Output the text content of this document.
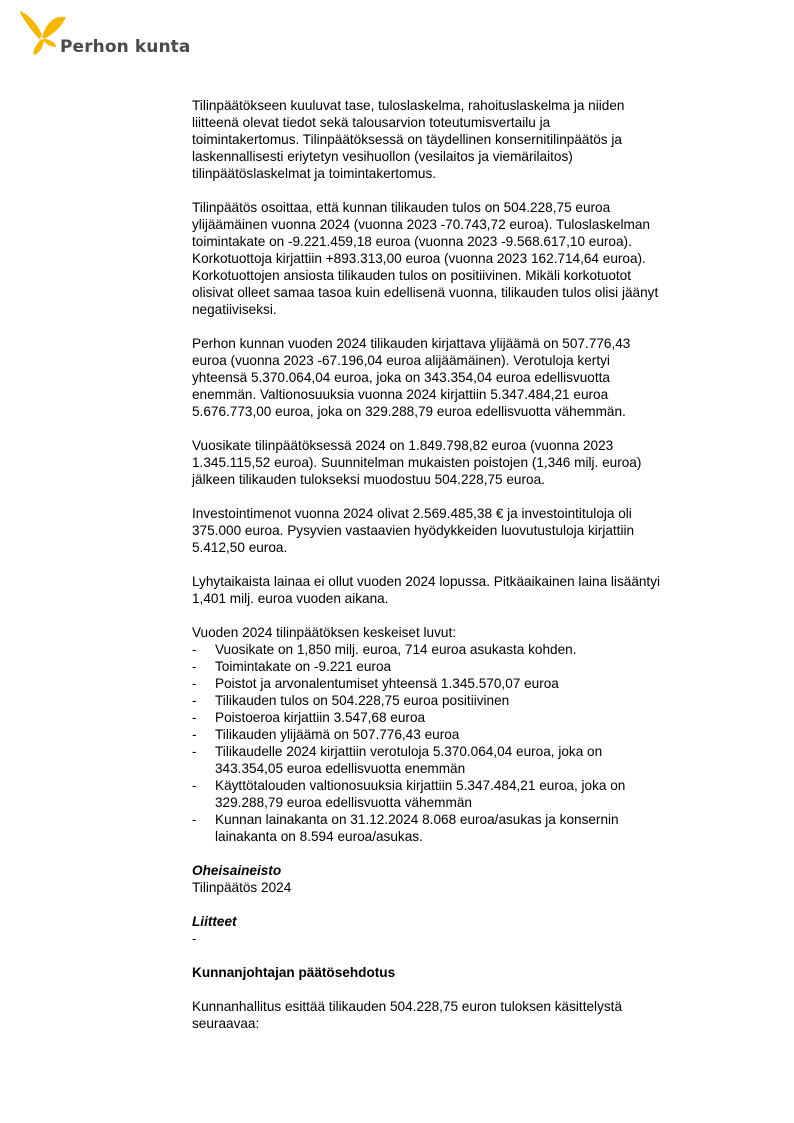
Perhon kunta
Tilinpäätökseen kuuluvat tase, tuloslaskelma, rahoituslaskelma ja niiden
liitteenä olevat tiedot sekä talousarvion toteutumisvertailu ja
toimintakertomus. Tilinpäätöksessä on täydellinen konsernitilinpäätös ja
laskennallisesti eriytetyn vesihuollon (vesilaitos ja viemärilaitos)
tilinpäätöslaskelmat ja toimintakertomus.
Tilinpäätös osoittaa, että kunnan tilikauden tulos on 504.228,75 euroa
ylijäämäinen vuonna 2024 (vuonna 2023 -70.743,72 euroa). Tuloslaskelman
toimintakate on -9.221.459,18 euroa (vuonna 2023 -9.568.617,10 euroa).
Korkotuottoja kirjattiin +893.313,00 euroa (vuonna 2023 162.714,64 euroa).
Korkotuottojen ansiosta tilikauden tulos on positiivinen. Mikäli korkotuotot
olisivat olleet samaa tasoa kuin edellisenä vuonna, tilikauden tulos olisi jäänyt
negatiiviseksi.
Perhon kunnan vuoden 2024 tilikauden kirjattava ylijäämä on 507.776,43
euroa (vuonna 2023 -67.196,04 euroa alijäämäinen). Verotuloja kertyi
yhteensä 5.370.064,04 euroa, joka on 343.354,04 euroa edellisvuotta
enemmän. Valtionosuuksia vuonna 2024 kirjattiin 5.347.484,21 euroa
5.676.773,00 euroa, joka on 329.288,79 euroa edellisvuotta vähemmän.
Vuosikate tilinpäätöksessä 2024 on 1.849.798,82 euroa (vuonna 2023
1.345.115,52 euroa). Suunnitelman mukaisten poistojen (1,346 milj. euroa)
jälkeen tilikauden tulokseksi muodostuu 504.228,75 euroa.
Investointimenot vuonna 2024 olivat 2.569.485,38 € ja investointituloja oli
375.000 euroa. Pysyvien vastaavien hyödykkeiden luovutustuloja kirjattiin
5.412,50 euroa.
Lyhytaikaista lainaa ei ollut vuoden 2024 lopussa. Pitkäaikainen laina lisääntyi
1,401 milj. euroa vuoden aikana.
Vuoden 2024 tilinpäätöksen keskeiset luvut:
-	Vuosikate on 1,850 milj. euroa, 714 euroa asukasta kohden.
-	Toimintakate on -9.221 euroa
-	Poistot ja arvonalentumiset yhteensä 1.345.570,07 euroa
-	Tilikauden tulos on 504.228,75 euroa positiivinen
-	Poistoeroa kirjattiin 3.547,68 euroa
-	Tilikauden ylijäämä on 507.776,43 euroa
-	Tilikaudelle 2024 kirjattiin verotuloja 5.370.064,04 euroa, joka on
343.354,05 euroa edellisvuotta enemmän
-	Käyttötalouden valtionosuuksia kirjattiin 5.347.484,21 euroa, joka on
329.288,79 euroa edellisvuotta vähemmän
-	Kunnan lainakanta on 31.12.2024 8.068 euroa/asukas ja konsernin
lainakanta on 8.594 euroa/asukas.
Oheisaineisto
Tilinpäätös 2024
Liitteet
-
Kunnanjohtajan päätösehdotus
Kunnanhallitus esittää tilikauden 504.228,75 euron tuloksen käsittelystä
seuraavaa:
